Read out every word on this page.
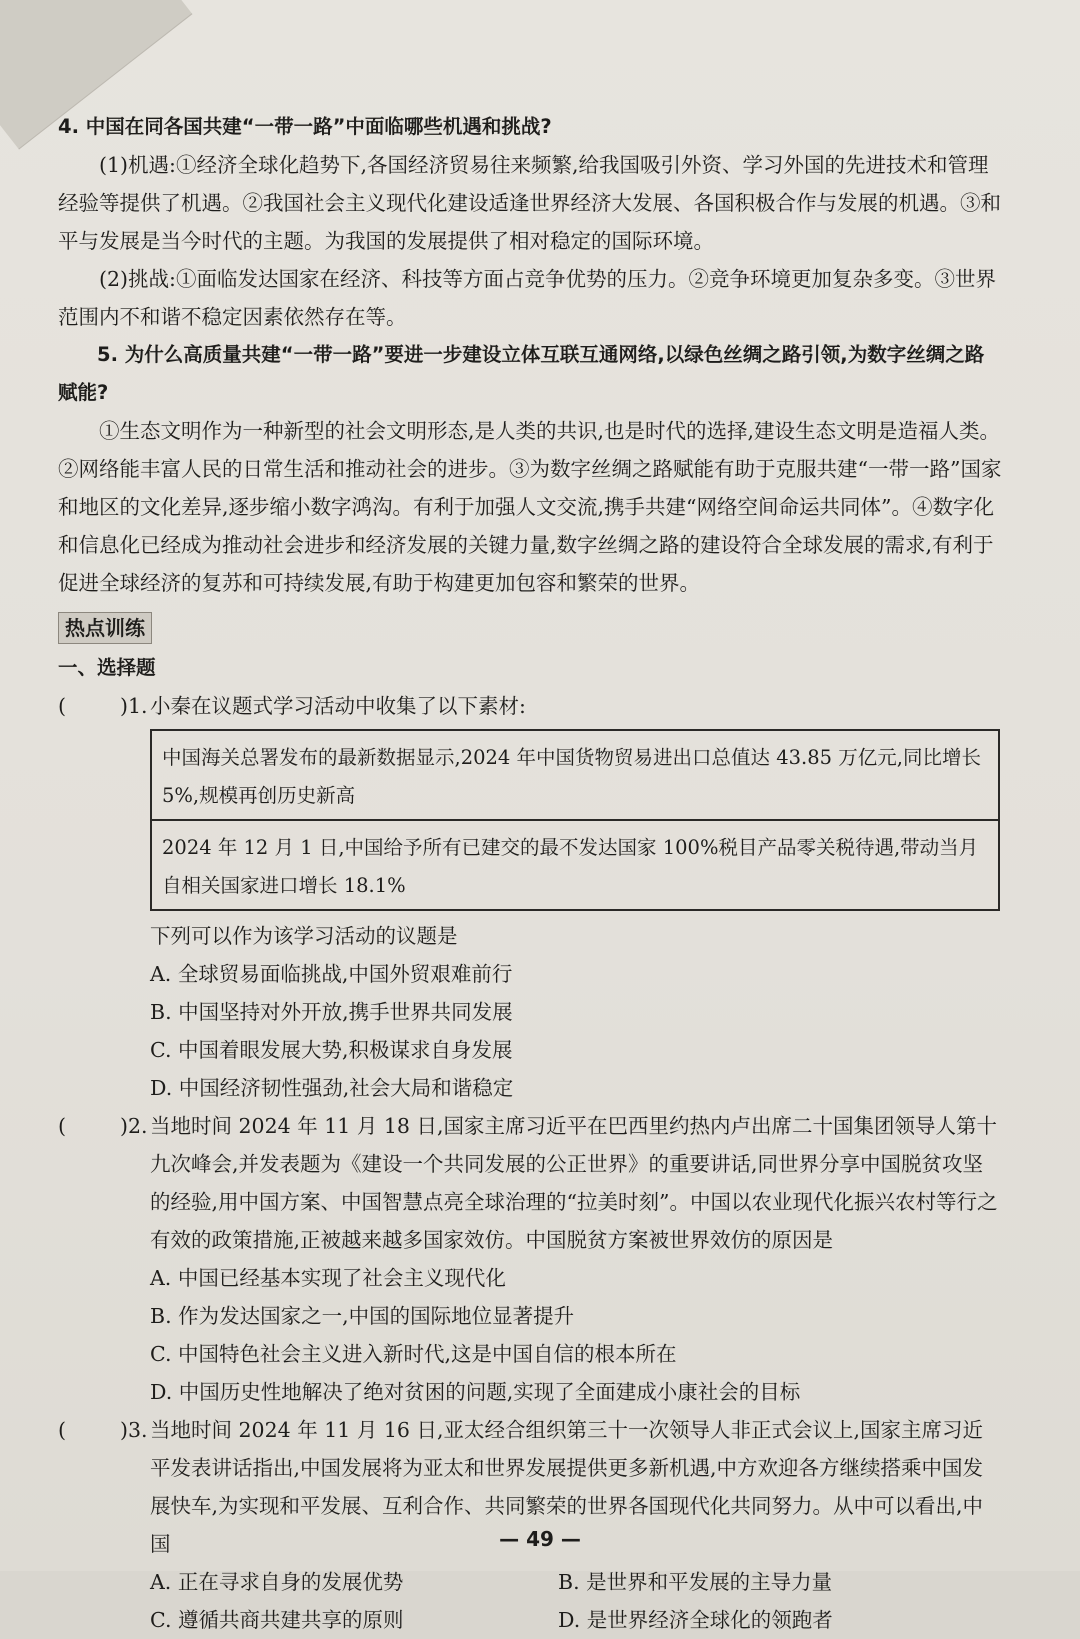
4. 中国在同各国共建“一带一路”中面临哪些机遇和挑战?

(1)机遇:①经济全球化趋势下,各国经济贸易往来频繁,给我国吸引外资、学习外国的先进技术和管理经验等提供了机遇。②我国社会主义现代化建设适逢世界经济大发展、各国积极合作与发展的机遇。③和平与发展是当今时代的主题。为我国的发展提供了相对稳定的国际环境。

(2)挑战:①面临发达国家在经济、科技等方面占竞争优势的压力。②竞争环境更加复杂多变。③世界范围内不和谐不稳定因素依然存在等。

5. 为什么高质量共建“一带一路”要进一步建设立体互联互通网络,以绿色丝绸之路引领,为数字丝绸之路赋能?

①生态文明作为一种新型的社会文明形态,是人类的共识,也是时代的选择,建设生态文明是造福人类。②网络能丰富人民的日常生活和推动社会的进步。③为数字丝绸之路赋能有助于克服共建“一带一路”国家和地区的文化差异,逐步缩小数字鸿沟。有利于加强人文交流,携手共建“网络空间命运共同体”。④数字化和信息化已经成为推动社会进步和经济发展的关键力量,数字丝绸之路的建设符合全球发展的需求,有利于促进全球经济的复苏和可持续发展,有助于构建更加包容和繁荣的世界。

热点训练
一、选择题
(	)1. 小秦在议题式学习活动中收集了以下素材:
中国海关总署发布的最新数据显示,2024 年中国货物贸易进出口总值达 43.85 万亿元,同比增长 5%,规模再创历史新高
2024 年 12 月 1 日,中国给予所有已建交的最不发达国家 100%税目产品零关税待遇,带动当月自相关国家进口增长 18.1%
下列可以作为该学习活动的议题是
A. 全球贸易面临挑战,中国外贸艰难前行
B. 中国坚持对外开放,携手世界共同发展
C. 中国着眼发展大势,积极谋求自身发展
D. 中国经济韧性强劲,社会大局和谐稳定
(	)2. 当地时间 2024 年 11 月 18 日,国家主席习近平在巴西里约热内卢出席二十国集团领导人第十九次峰会,并发表题为《建设一个共同发展的公正世界》的重要讲话,同世界分享中国脱贫攻坚的经验,用中国方案、中国智慧点亮全球治理的“拉美时刻”。中国以农业现代化振兴农村等行之有效的政策措施,正被越来越多国家效仿。中国脱贫方案被世界效仿的原因是
A. 中国已经基本实现了社会主义现代化
B. 作为发达国家之一,中国的国际地位显著提升
C. 中国特色社会主义进入新时代,这是中国自信的根本所在
D. 中国历史性地解决了绝对贫困的问题,实现了全面建成小康社会的目标
(	)3. 当地时间 2024 年 11 月 16 日,亚太经合组织第三十一次领导人非正式会议上,国家主席习近平发表讲话指出,中国发展将为亚太和世界发展提供更多新机遇,中方欢迎各方继续搭乘中国发展快车,为实现和平发展、互利合作、共同繁荣的世界各国现代化共同努力。从中可以看出,中国
A. 正在寻求自身的发展优势	B. 是世界和平发展的主导力量
C. 遵循共商共建共享的原则	D. 是世界经济全球化的领跑者
— 49 —
